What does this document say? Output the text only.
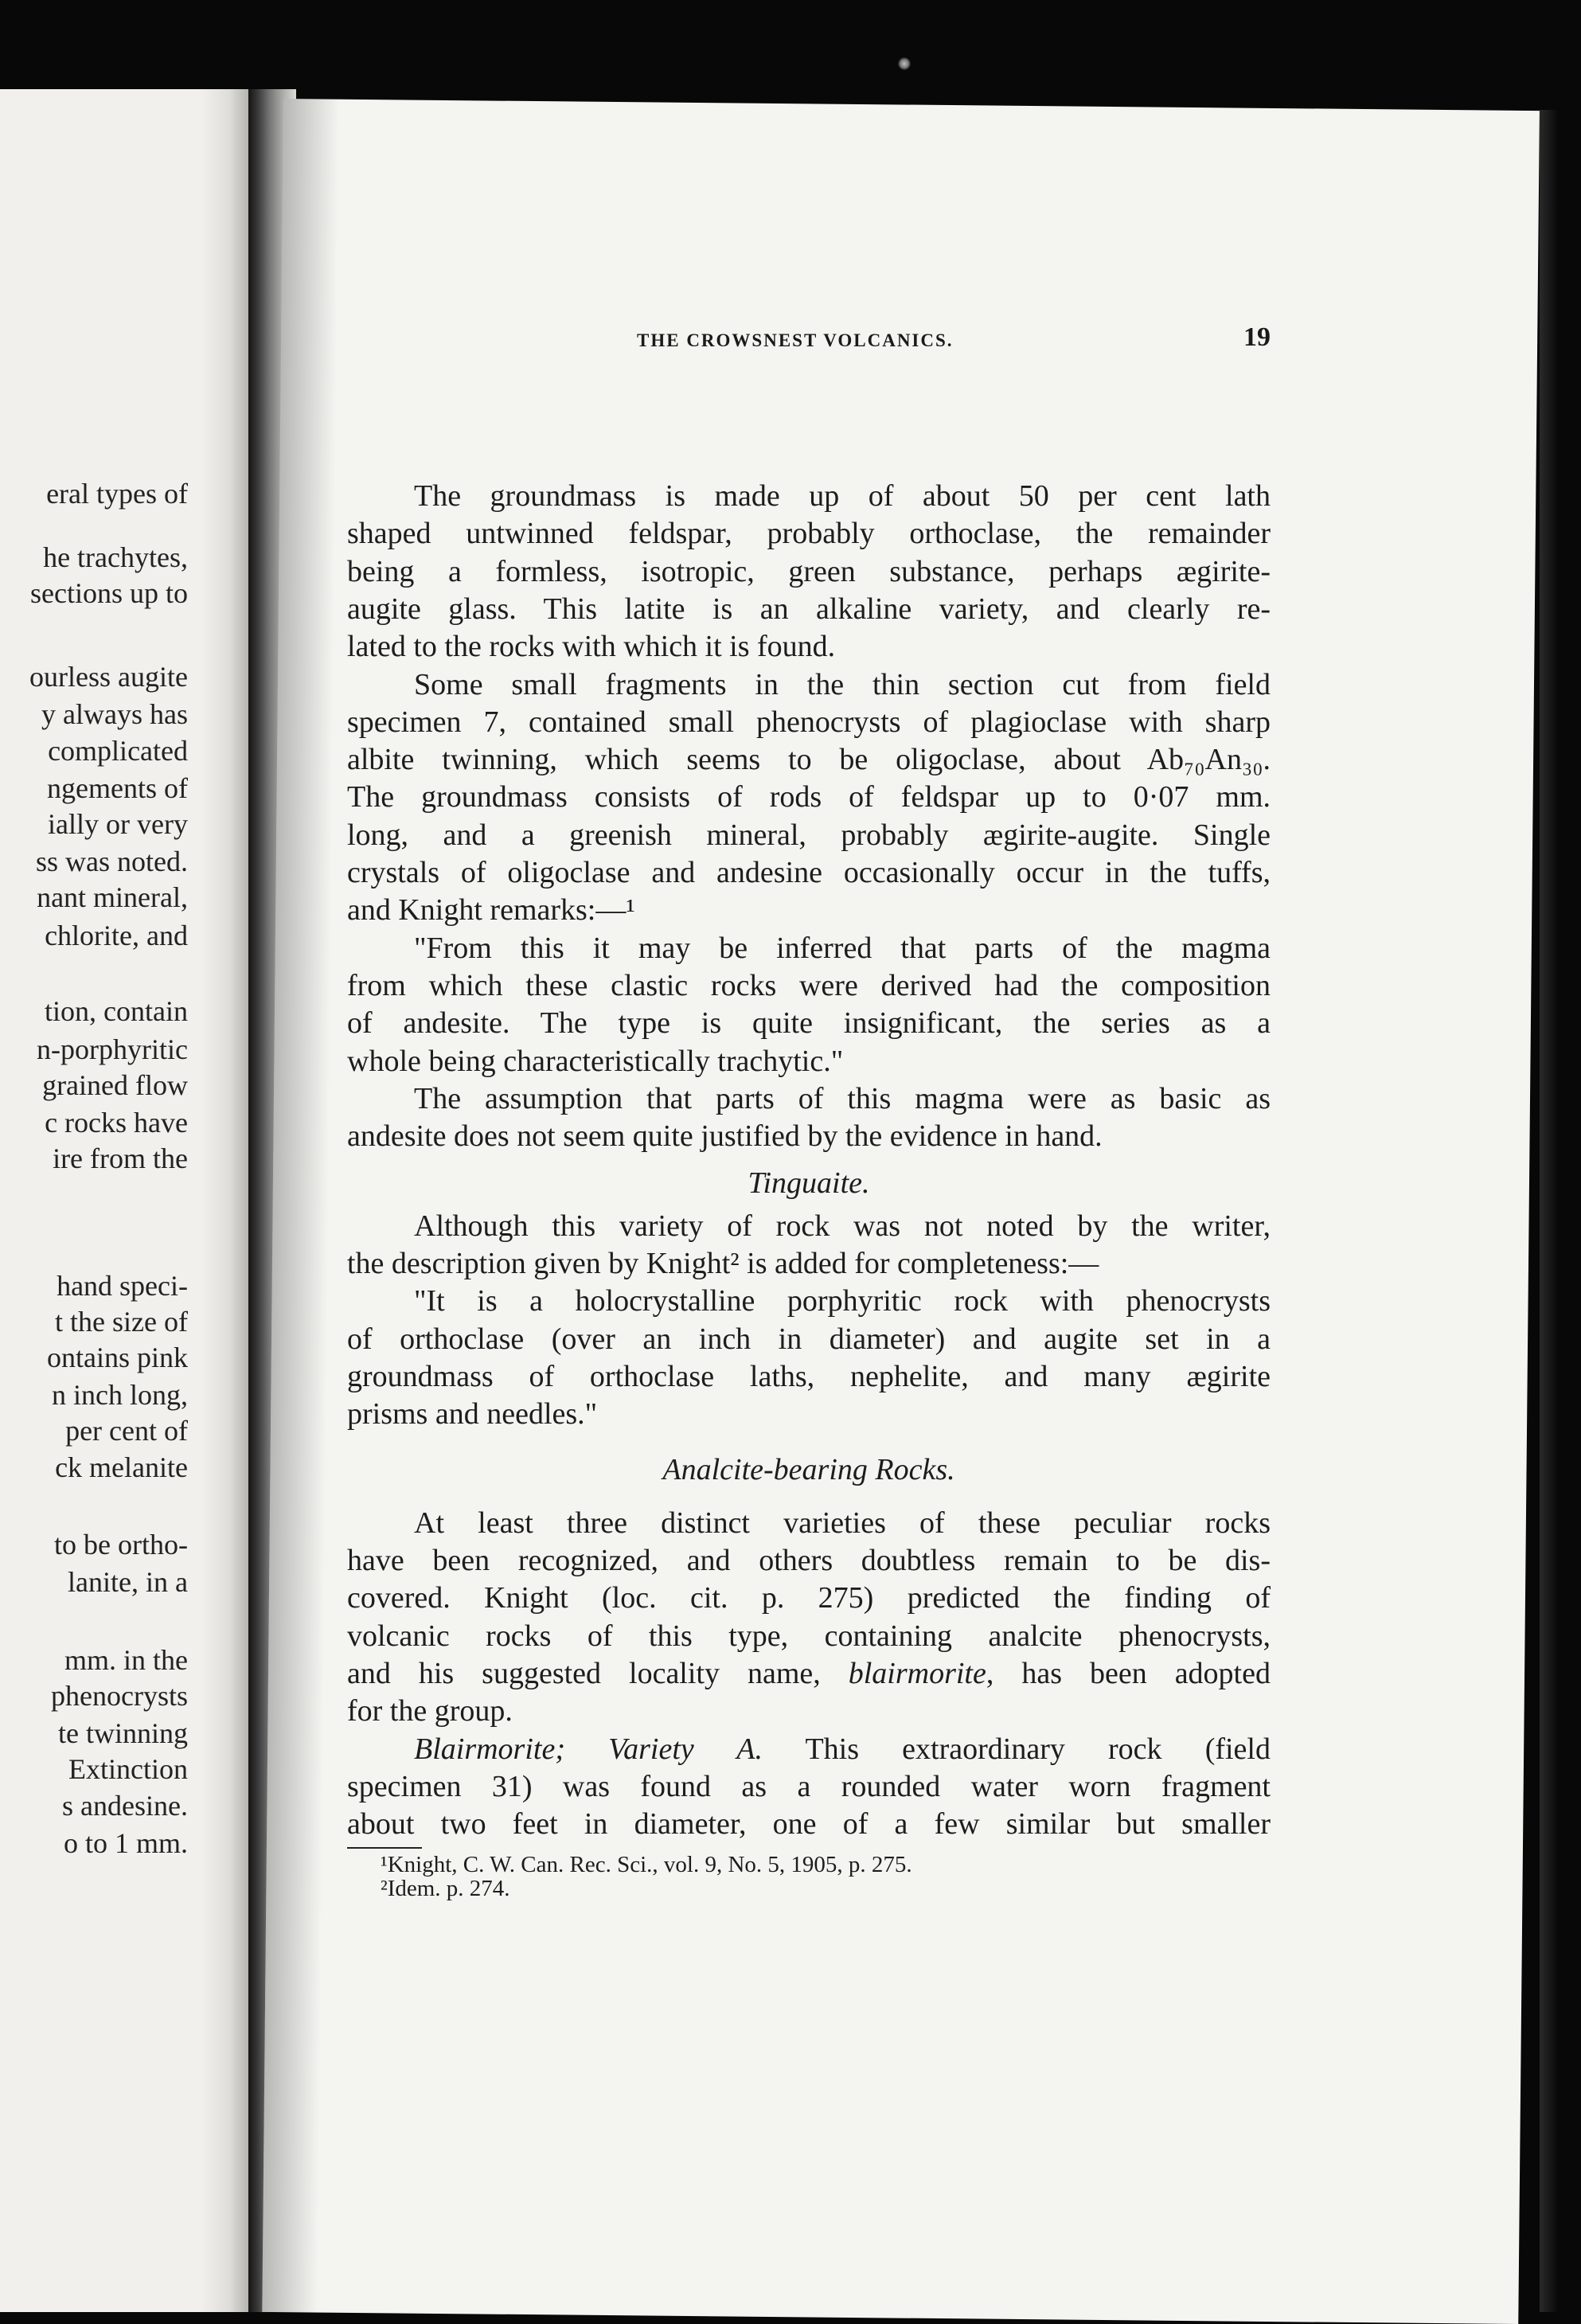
eral types of
he trachytes,
sections up to
ourless augite
y always has
complicated
ngements of
ially or very
ss was noted.
nant mineral,
chlorite, and
tion, contain
n-porphyritic
grained flow
c rocks have
ire from the
hand speci-
t the size of
ontains pink
n inch long,
per cent of
ck melanite
to be ortho-
lanite, in a
mm. in the
phenocrysts
te twinning
Extinction
s andesine.
o to 1 mm.
THE CROWSNEST VOLCANICS.	19
The groundmass is made up of about 50 per cent lath
shaped untwinned feldspar, probably orthoclase, the remainder
being a formless, isotropic, green substance, perhaps ægirite-
augite glass. This latite is an alkaline variety, and clearly re-
lated to the rocks with which it is found.
Some small fragments in the thin section cut from field
specimen 7, contained small phenocrysts of plagioclase with sharp
albite twinning, which seems to be oligoclase, about Ab₇₀An₃₀.
The groundmass consists of rods of feldspar up to 0·07 mm.
long, and a greenish mineral, probably ægirite-augite. Single
crystals of oligoclase and andesine occasionally occur in the tuffs,
and Knight remarks:—¹
"From this it may be inferred that parts of the magma
from which these clastic rocks were derived had the composition
of andesite. The type is quite insignificant, the series as a
whole being characteristically trachytic."
The assumption that parts of this magma were as basic as
andesite does not seem quite justified by the evidence in hand.
Tinguaite.
Although this variety of rock was not noted by the writer,
the description given by Knight² is added for completeness:—
"It is a holocrystalline porphyritic rock with phenocrysts
of orthoclase (over an inch in diameter) and augite set in a
groundmass of orthoclase laths, nephelite, and many ægirite
prisms and needles."
Analcite-bearing Rocks.
At least three distinct varieties of these peculiar rocks
have been recognized, and others doubtless remain to be dis-
covered. Knight (loc. cit. p. 275) predicted the finding of
volcanic rocks of this type, containing analcite phenocrysts,
and his suggested locality name, blairmorite, has been adopted
for the group.
Blairmorite; Variety A. This extraordinary rock (field
specimen 31) was found as a rounded water worn fragment
about two feet in diameter, one of a few similar but smaller
¹Knight, C. W. Can. Rec. Sci., vol. 9, No. 5, 1905, p. 275.
²Idem. p. 274.
